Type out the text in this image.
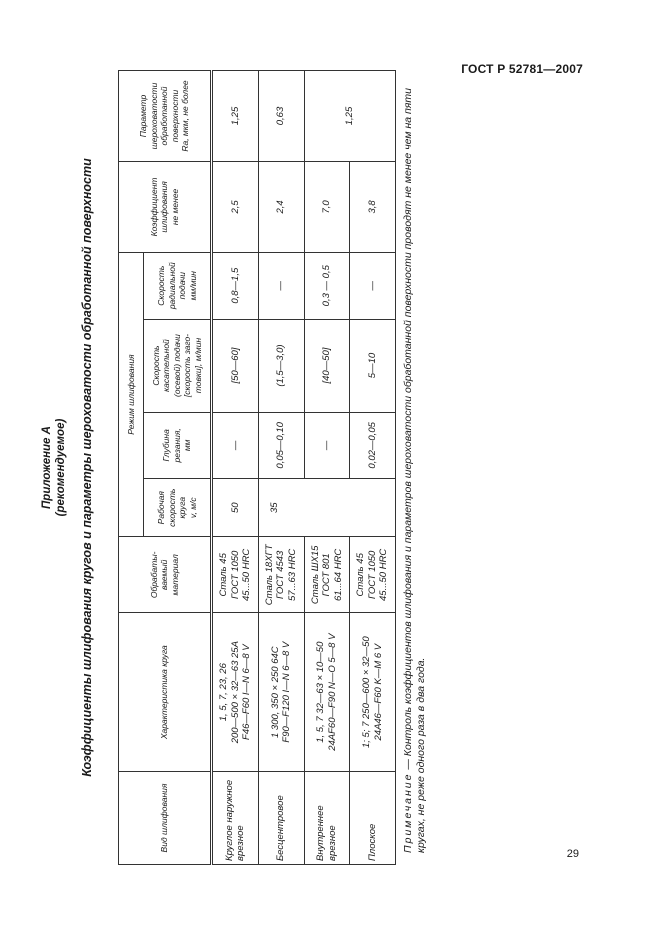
ГОСТ Р 52781—2007
Приложение А (рекомендуемое) Коэффициенты шлифования кругов и параметры шероховатости обработанной поверхности
Вид шлифования	Характеристика круга	Обрабаты- ваемый материал	Режим шлифования				Коэффициент шлифования не менее	Параметр шероховатости обработанной поверхности Ra, мкм, не более

			Рабочая скорость круга v, м/с	Глубина резания, мм	Скорость касательной (осевой) подачи [скорость заго- товки], м/мин	Скорость радиальной подачи мм/мин		

Круглое наружное врезное	1, 5, 7, 23, 26 200—500 × 32—63 25А F46—F60 I—N 6—8 V	Сталь 45 ГОСТ 1050 45...50 HRC	50	—	[50—60]	0,8—1,5	2,5	1,25

Бесцентровое	1 300, 350 × 250 64С F90—F120 I—N 6—8 V	Сталь 18ХГТ ГОСТ 4543 57...63 HRC	35	0,05—0,10	(1,5—3,0)	—	2,4	0,63

Внутреннее врезное	1, 5, 7 32—63 × 10—50 24AF60—F90 N—O 5—8 V	Сталь ШХ15 ГОСТ 801 61...64 HRC		—	[40—50]	0,3 — 0,5	7,0	1,25

Плоское	1; 5; 7 250—600 × 32—50 24A46—F60 K—M 6 V	Сталь 45 ГОСТ 1050 45...50 HRC		0,02—0,05	5—10	—	3,8	
Примечание — Контроль коэффициентов шлифования и параметров шероховатости обработанной поверхности проводят не менее чем на пяти кругах, не реже одного раза в два года.
29
